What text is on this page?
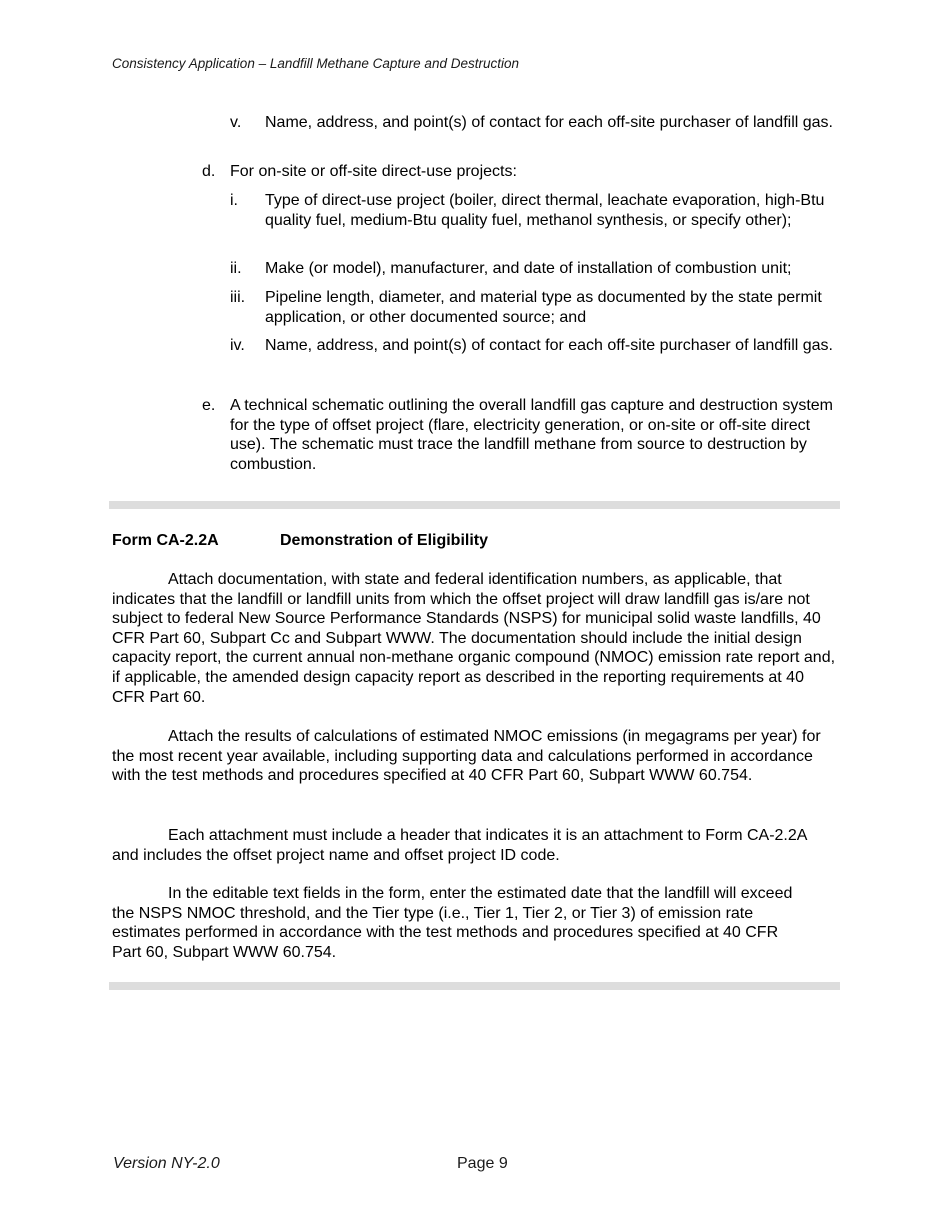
Consistency Application – Landfill Methane Capture and Destruction
v.	Name, address, and point(s) of contact for each off-site purchaser of landfill gas.
d. For on-site or off-site direct-use projects:
i.	Type of direct-use project (boiler, direct thermal, leachate evaporation, high-Btu quality fuel, medium-Btu quality fuel, methanol synthesis, or specify other);
ii.	Make (or model), manufacturer, and date of installation of combustion unit;
iii.	Pipeline length, diameter, and material type as documented by the state permit application, or other documented source; and
iv.	Name, address, and point(s) of contact for each off-site purchaser of landfill gas.
e. A technical schematic outlining the overall landfill gas capture and destruction system for the type of offset project (flare, electricity generation, or on-site or off-site direct use). The schematic must trace the landfill methane from source to destruction by combustion.
Form CA-2.2A	Demonstration of Eligibility
Attach documentation, with state and federal identification numbers, as applicable, that indicates that the landfill or landfill units from which the offset project will draw landfill gas is/are not subject to federal New Source Performance Standards (NSPS) for municipal solid waste landfills, 40 CFR Part 60, Subpart Cc and Subpart WWW. The documentation should include the initial design capacity report, the current annual non-methane organic compound (NMOC) emission rate report and, if applicable, the amended design capacity report as described in the reporting requirements at 40 CFR Part 60.
Attach the results of calculations of estimated NMOC emissions (in megagrams per year) for the most recent year available, including supporting data and calculations performed in accordance with the test methods and procedures specified at 40 CFR Part 60, Subpart WWW 60.754.
Each attachment must include a header that indicates it is an attachment to Form CA-2.2A and includes the offset project name and offset project ID code.
In the editable text fields in the form, enter the estimated date that the landfill will exceed the NSPS NMOC threshold, and the Tier type (i.e., Tier 1, Tier 2, or Tier 3) of emission rate estimates performed in accordance with the test methods and procedures specified at 40 CFR Part 60, Subpart WWW 60.754.
Version NY-2.0	Page 9
